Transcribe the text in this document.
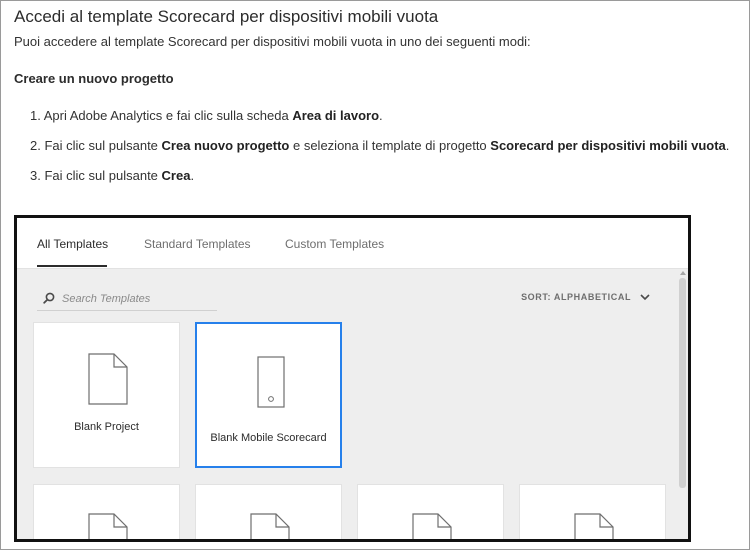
Accedi al template Scorecard per dispositivi mobili vuota
Puoi accedere al template Scorecard per dispositivi mobili vuota in uno dei seguenti modi:
Creare un nuovo progetto
1. Apri Adobe Analytics e fai clic sulla scheda Area di lavoro.
2. Fai clic sul pulsante Crea nuovo progetto e seleziona il template di progetto Scorecard per dispositivi mobili vuota.
3. Fai clic sul pulsante Crea.
All Templates	Standard Templates	Custom Templates
Search Templates	SORT: ALPHABETICAL
Blank Project
Blank Mobile Scorecard
